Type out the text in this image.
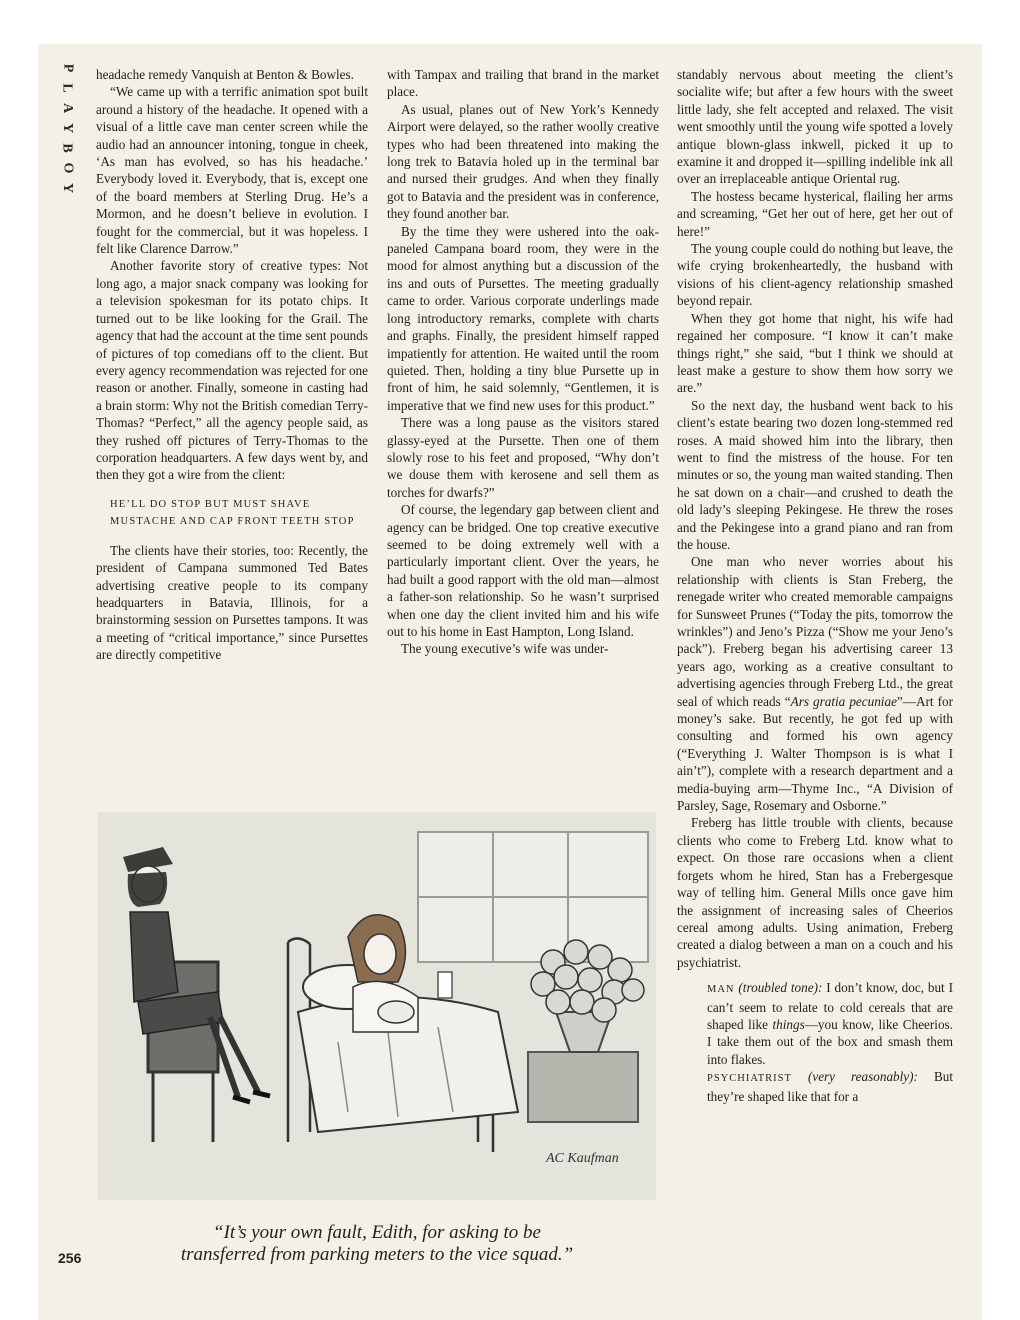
P
L
A
Y
B
O
Y

headache remedy Vanquish at Benton & Bowles.

“We came up with a terrific animation spot built around a history of the headache. It opened with a visual of a little cave man center screen while the audio had an announcer intoning, tongue in cheek, ‘As man has evolved, so has his headache.’ Everybody loved it. Everybody, that is, except one of the board members at Sterling Drug. He’s a Mormon, and he doesn’t believe in evolution. I fought for the commercial, but it was hopeless. I felt like Clarence Darrow.”

Another favorite story of creative types: Not long ago, a major snack company was looking for a television spokesman for its potato chips. It turned out to be like looking for the Grail. The agency that had the account at the time sent pounds of pictures of top comedians off to the client. But every agency recommendation was rejected for one reason or another. Finally, someone in casting had a brain storm: Why not the British comedian Terry-Thomas? “Perfect,” all the agency people said, as they rushed off pictures of Terry-Thomas to the corporation headquarters. A few days went by, and then they got a wire from the client:

HE’LL DO STOP BUT MUST SHAVE MUSTACHE AND CAP FRONT TEETH STOP

The clients have their stories, too: Recently, the president of Campana summoned Ted Bates advertising creative people to its company headquarters in Batavia, Illinois, for a brainstorming session on Pursettes tampons. It was a meeting of “critical importance,” since Pursettes are directly competitive

with Tampax and trailing that brand in the market place.

As usual, planes out of New York’s Kennedy Airport were delayed, so the rather woolly creative types who had been threatened into making the long trek to Batavia holed up in the terminal bar and nursed their grudges. And when they finally got to Batavia and the president was in conference, they found another bar.

By the time they were ushered into the oak-paneled Campana board room, they were in the mood for almost anything but a discussion of the ins and outs of Pursettes. The meeting gradually came to order. Various corporate underlings made long introductory remarks, complete with charts and graphs. Finally, the president himself rapped impatiently for attention. He waited until the room quieted. Then, holding a tiny blue Pursette up in front of him, he said solemnly, “Gentlemen, it is imperative that we find new uses for this product.”

There was a long pause as the visitors stared glassy-eyed at the Pursette. Then one of them slowly rose to his feet and proposed, “Why don’t we douse them with kerosene and sell them as torches for dwarfs?”

Of course, the legendary gap between client and agency can be bridged. One top creative executive seemed to be doing extremely well with a particularly important client. Over the years, he had built a good rapport with the old man—almost a father-son relationship. So he wasn’t surprised when one day the client invited him and his wife out to his home in East Hampton, Long Island.

The young executive’s wife was under-

standably nervous about meeting the client’s socialite wife; but after a few hours with the sweet little lady, she felt accepted and relaxed. The visit went smoothly until the young wife spotted a lovely antique blown-glass inkwell, picked it up to examine it and dropped it—spilling indelible ink all over an irreplaceable antique Oriental rug.

The hostess became hysterical, flailing her arms and screaming, “Get her out of here, get her out of here!”

The young couple could do nothing but leave, the wife crying brokenheartedly, the husband with visions of his client-agency relationship smashed beyond repair.

When they got home that night, his wife had regained her composure. “I know it can’t make things right,” she said, “but I think we should at least make a gesture to show them how sorry we are.”

So the next day, the husband went back to his client’s estate bearing two dozen long-stemmed red roses. A maid showed him into the library, then went to find the mistress of the house. For ten minutes or so, the young man waited standing. Then he sat down on a chair—and crushed to death the old lady’s sleeping Pekingese. He threw the roses and the Pekingese into a grand piano and ran from the house.

One man who never worries about his relationship with clients is Stan Freberg, the renegade writer who created memorable campaigns for Sunsweet Prunes (“Today the pits, tomorrow the wrinkles”) and Jeno’s Pizza (“Show me your Jeno’s pack”). Freberg began his advertising career 13 years ago, working as a creative consultant to advertising agencies through Freberg Ltd., the great seal of which reads “Ars gratia pecuniae”—Art for money’s sake. But recently, he got fed up with consulting and formed his own agency (“Everything J. Walter Thompson is is what I ain’t”), complete with a research department and a media-buying arm—Thyme Inc., “A Division of Parsley, Sage, Rosemary and Osborne.”

Freberg has little trouble with clients, because clients who come to Freberg Ltd. know what to expect. On those rare occasions when a client forgets whom he hired, Stan has a Frebergesque way of telling him. General Mills once gave him the assignment of increasing sales of Cheerios cereal among adults. Using animation, Freberg created a dialog between a man on a couch and his psychiatrist.

MAN (troubled tone): I don’t know, doc, but I can’t seem to relate to cold cereals that are shaped like things—you know, like Cheerios. I take them out of the box and smash them into flakes.

PSYCHIATRIST (very reasonably): But they’re shaped like that for a

AC Kaufman
“It’s your own fault, Edith, for asking to be
transferred from parking meters to the vice squad.”
256
